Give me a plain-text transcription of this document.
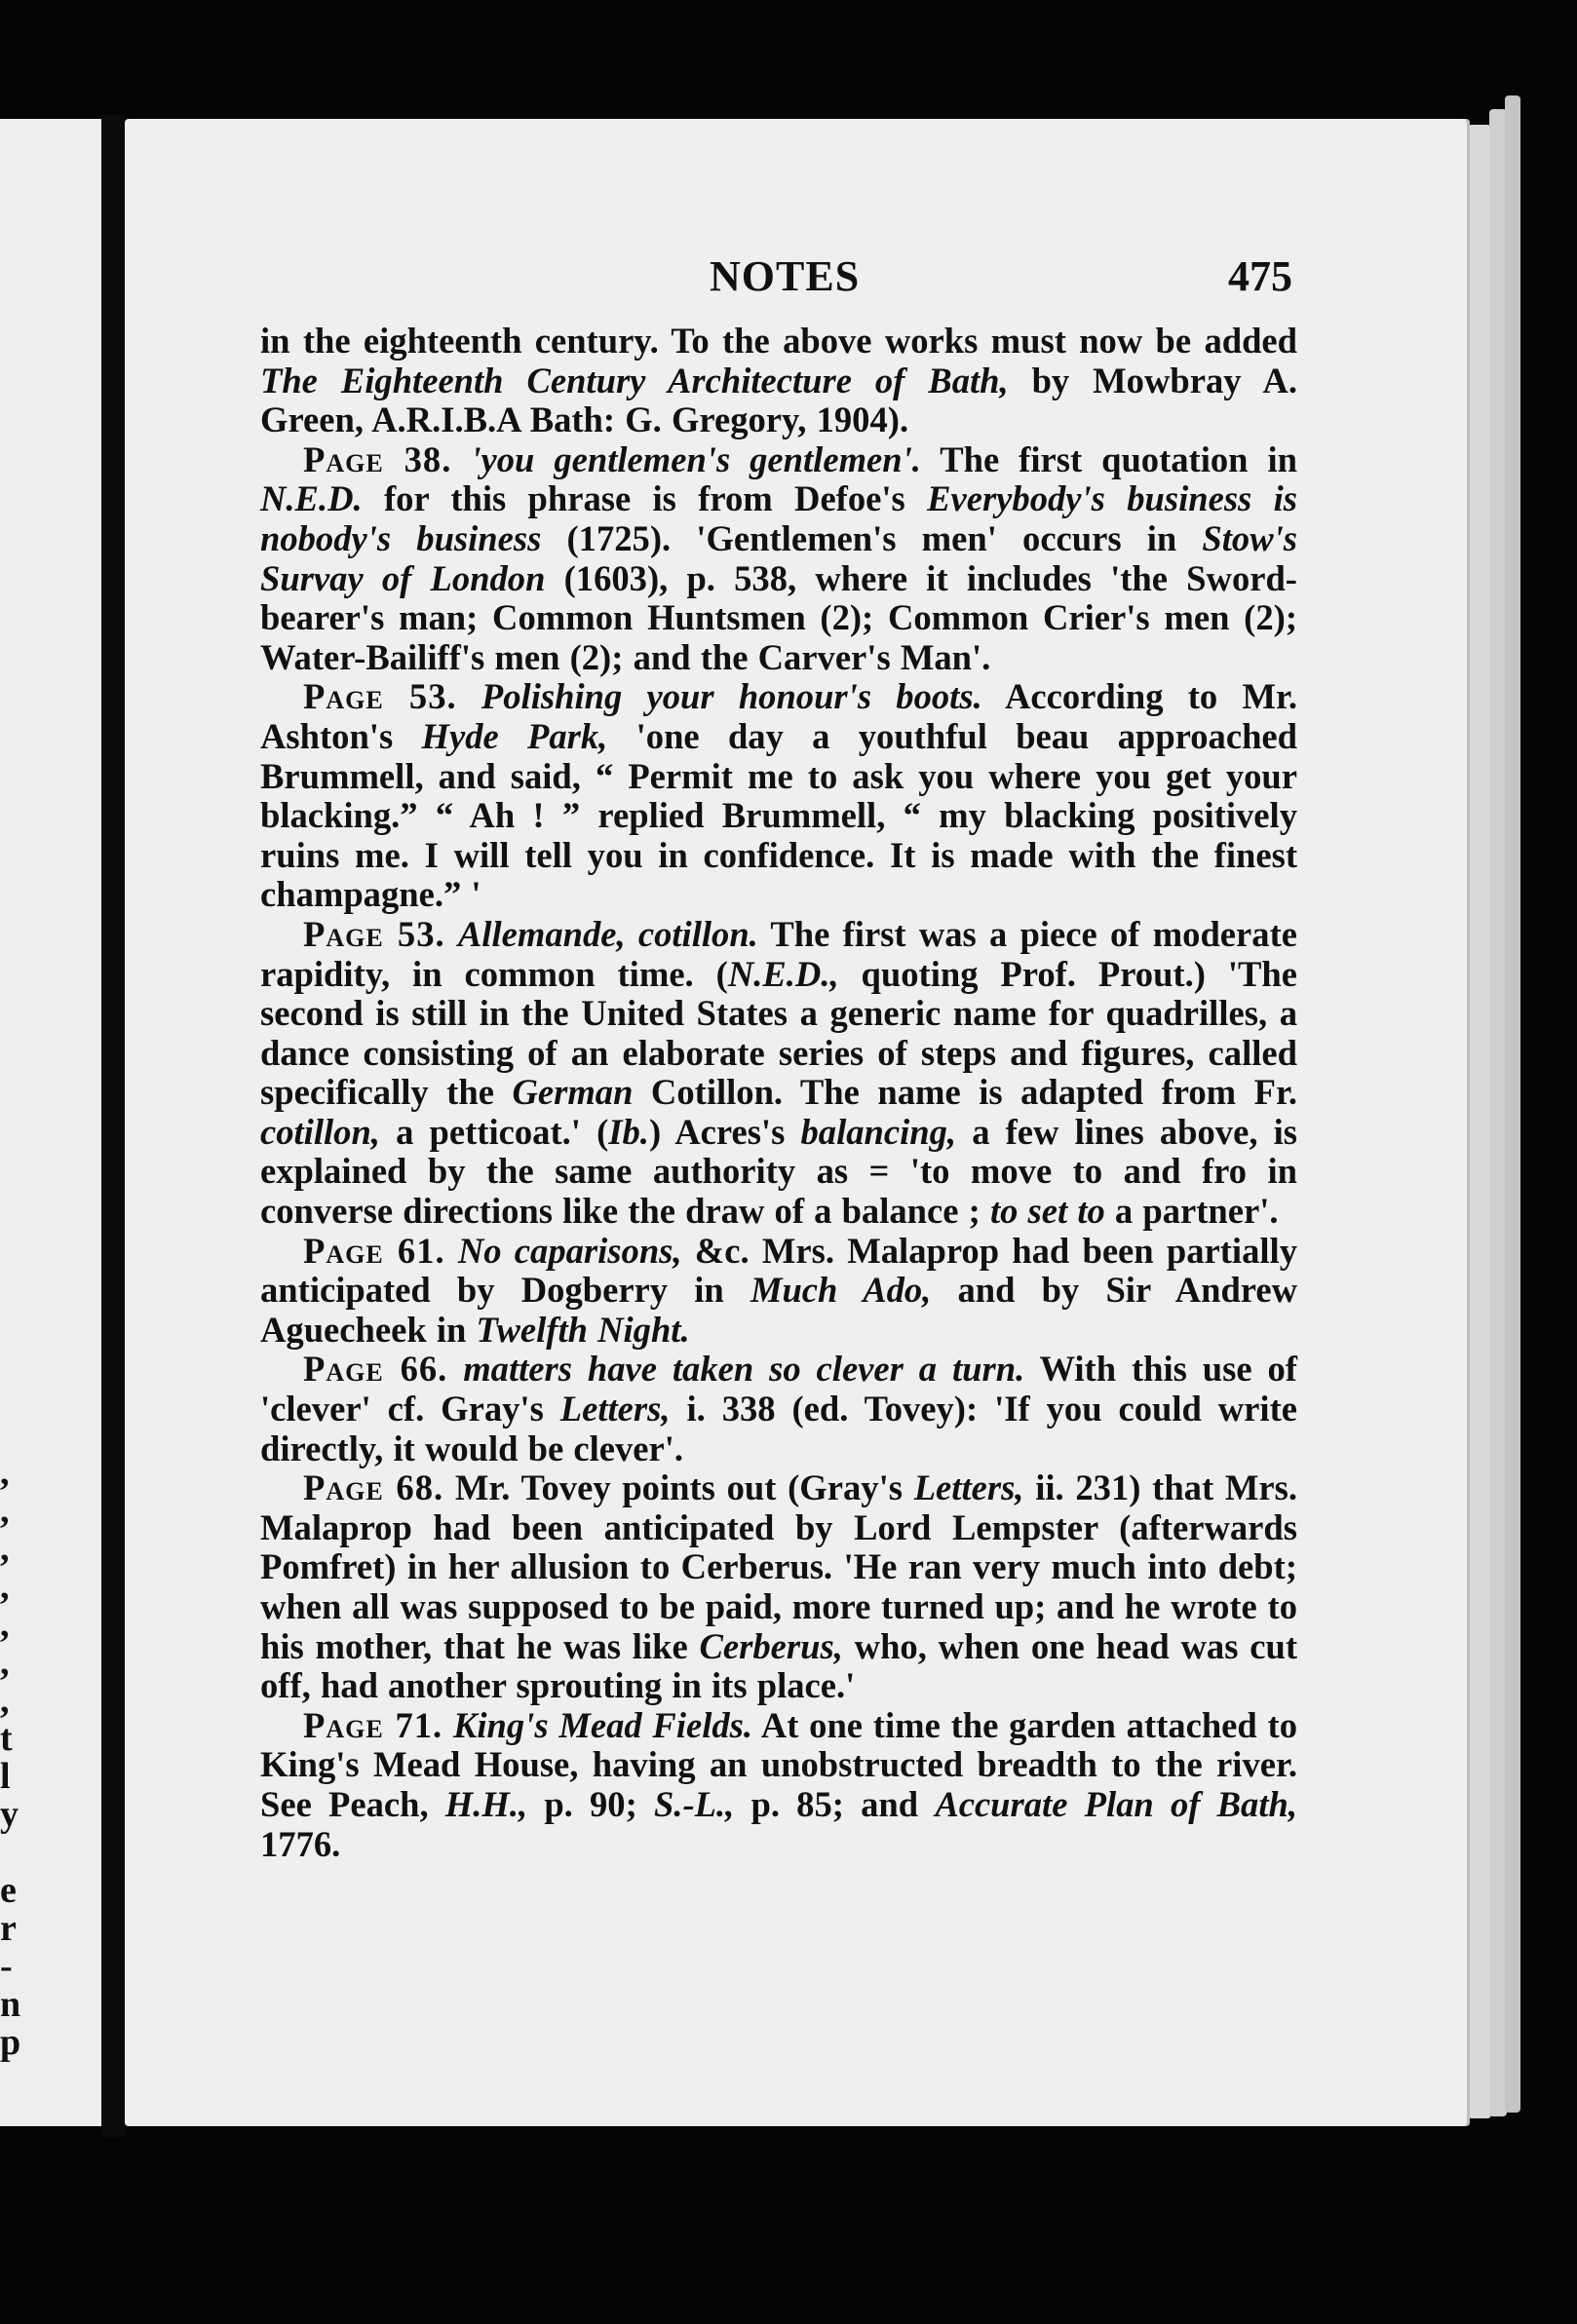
,
,
,
,
,
,
,
t
l
y

e
r
-
n
p
NOTES	475

in the eighteenth century. To the above works must now be added The Eighteenth Century Architecture of Bath, by Mowbray A. Green, A.R.I.B.A Bath: G. Gregory, 1904).

Page 38. 'you gentlemen's gentlemen'. The first quotation in N.E.D. for this phrase is from Defoe's Everybody's business is nobody's business (1725). 'Gentlemen's men' occurs in Stow's Survay of London (1603), p. 538, where it includes 'the Sword-bearer's man; Common Huntsmen (2); Common Crier's men (2); Water-Bailiff's men (2); and the Carver's Man'.

Page 53. Polishing your honour's boots. According to Mr. Ashton's Hyde Park, 'one day a youthful beau approached Brummell, and said, “ Permit me to ask you where you get your blacking.” “ Ah ! ” replied Brummell, “ my blacking positively ruins me. I will tell you in confidence. It is made with the finest champagne.” '

Page 53. Allemande, cotillon. The first was a piece of moderate rapidity, in common time. (N.E.D., quoting Prof. Prout.) 'The second is still in the United States a generic name for quadrilles, a dance consisting of an elaborate series of steps and figures, called specifically the German Cotillon. The name is adapted from Fr. cotillon, a petticoat.' (Ib.) Acres's balancing, a few lines above, is explained by the same authority as = 'to move to and fro in converse directions like the draw of a balance ; to set to a partner'.

Page 61. No caparisons, &c. Mrs. Malaprop had been partially anticipated by Dogberry in Much Ado, and by Sir Andrew Aguecheek in Twelfth Night.

Page 66. matters have taken so clever a turn. With this use of 'clever' cf. Gray's Letters, i. 338 (ed. Tovey): 'If you could write directly, it would be clever'.

Page 68. Mr. Tovey points out (Gray's Letters, ii. 231) that Mrs. Malaprop had been anticipated by Lord Lempster (afterwards Pomfret) in her allusion to Cerberus. 'He ran very much into debt; when all was supposed to be paid, more turned up; and he wrote to his mother, that he was like Cerberus, who, when one head was cut off, had another sprouting in its place.'

Page 71. King's Mead Fields. At one time the garden attached to King's Mead House, having an unobstructed breadth to the river. See Peach, H.H., p. 90; S.-L., p. 85; and Accurate Plan of Bath, 1776.
